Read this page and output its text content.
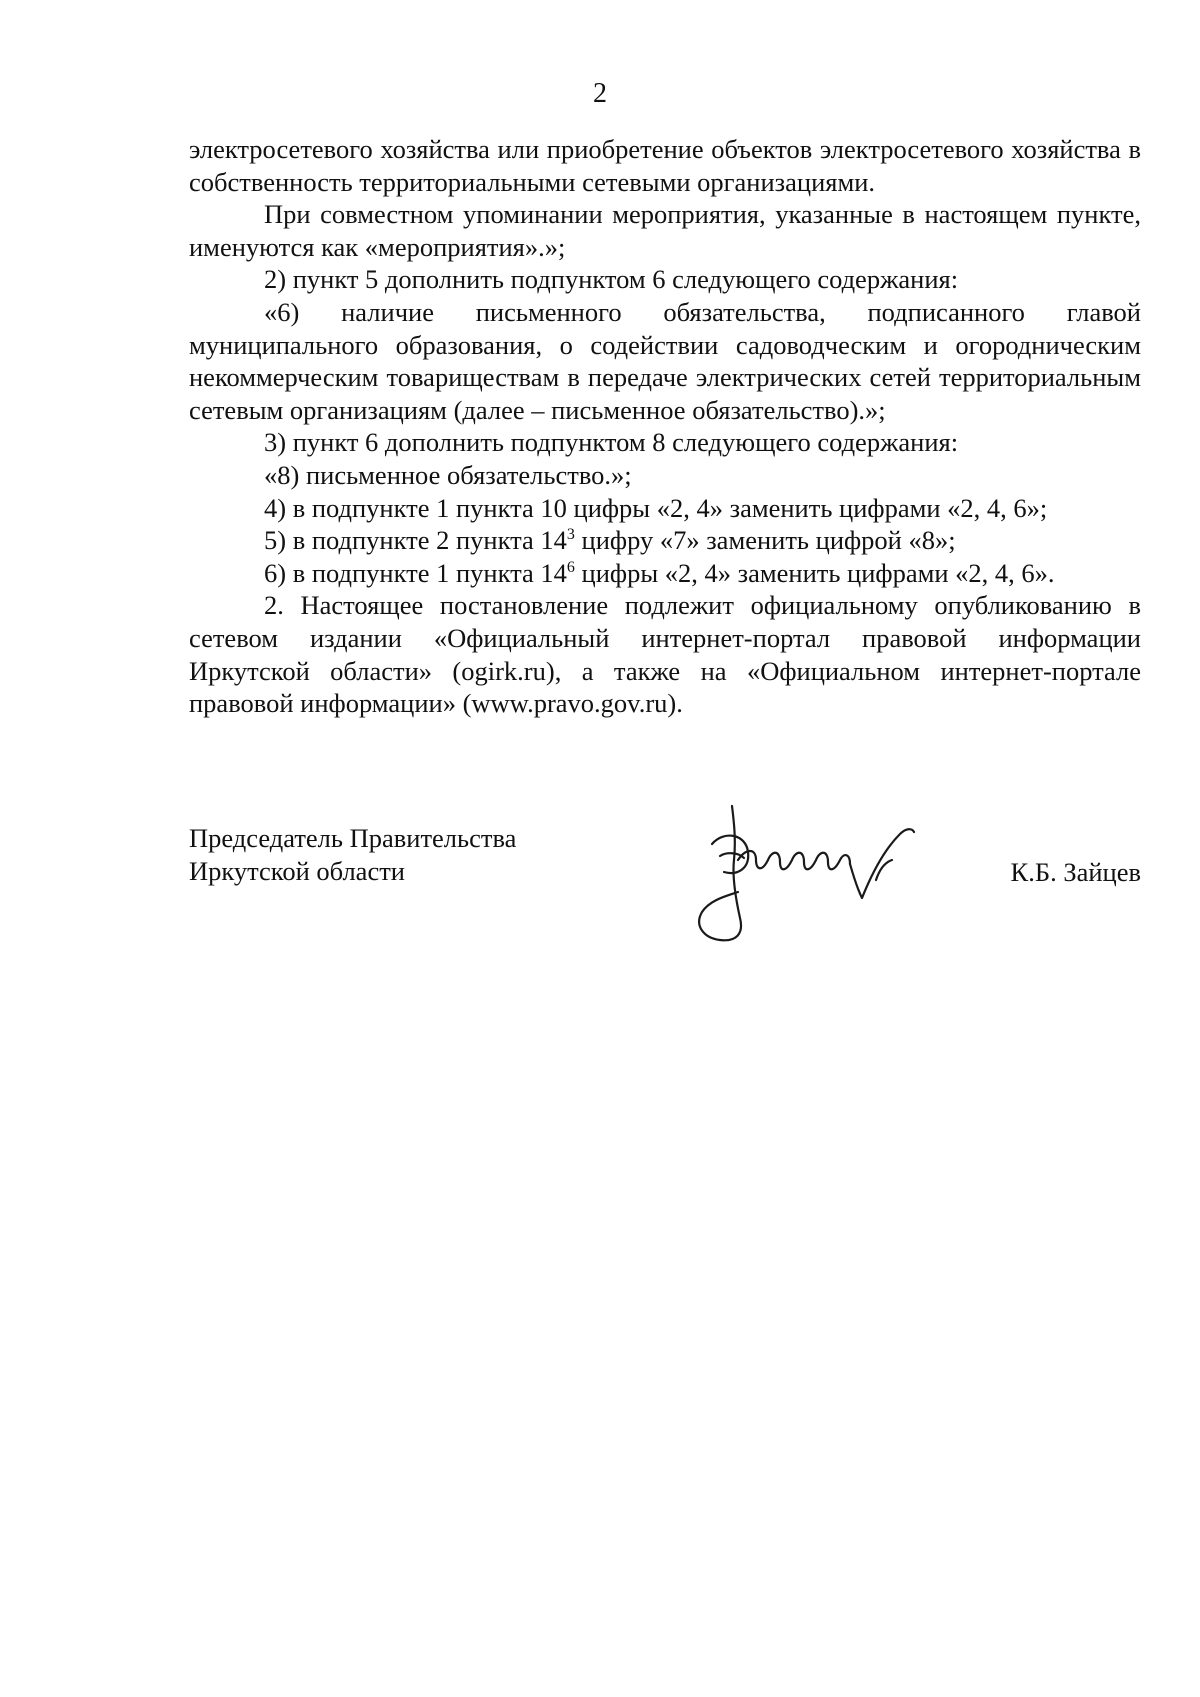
2

электросетевого хозяйства или приобретение объектов электросетевого хозяйства в собственность территориальными сетевыми организациями.

При совместном упоминании мероприятия, указанные в настоящем пункте, именуются как «мероприятия».»;

2) пункт 5 дополнить подпунктом 6 следующего содержания:

«6) наличие письменного обязательства, подписанного главой муниципального образования, о содействии садоводческим и огородническим некоммерческим товариществам в передаче электрических сетей территориальным сетевым организациям (далее – письменное обязательство).»;

3) пункт 6 дополнить подпунктом 8 следующего содержания:

«8) письменное обязательство.»;

4) в подпункте 1 пункта 10 цифры «2, 4» заменить цифрами «2, 4, 6»;

5) в подпункте 2 пункта $14^3$ цифру «7» заменить цифрой «8»;

6) в подпункте 1 пункта $14^6$ цифры «2, 4» заменить цифрами «2, 4, 6».

2. Настоящее постановление подлежит официальному опубликованию в сетевом издании «Официальный интернет-портал правовой информации Иркутской области» (ogirk.ru), а также на «Официальном интернет-портале правовой информации» (www.pravo.gov.ru).

Председатель Правительства
Иркутской области	К.Б. Зайцев
